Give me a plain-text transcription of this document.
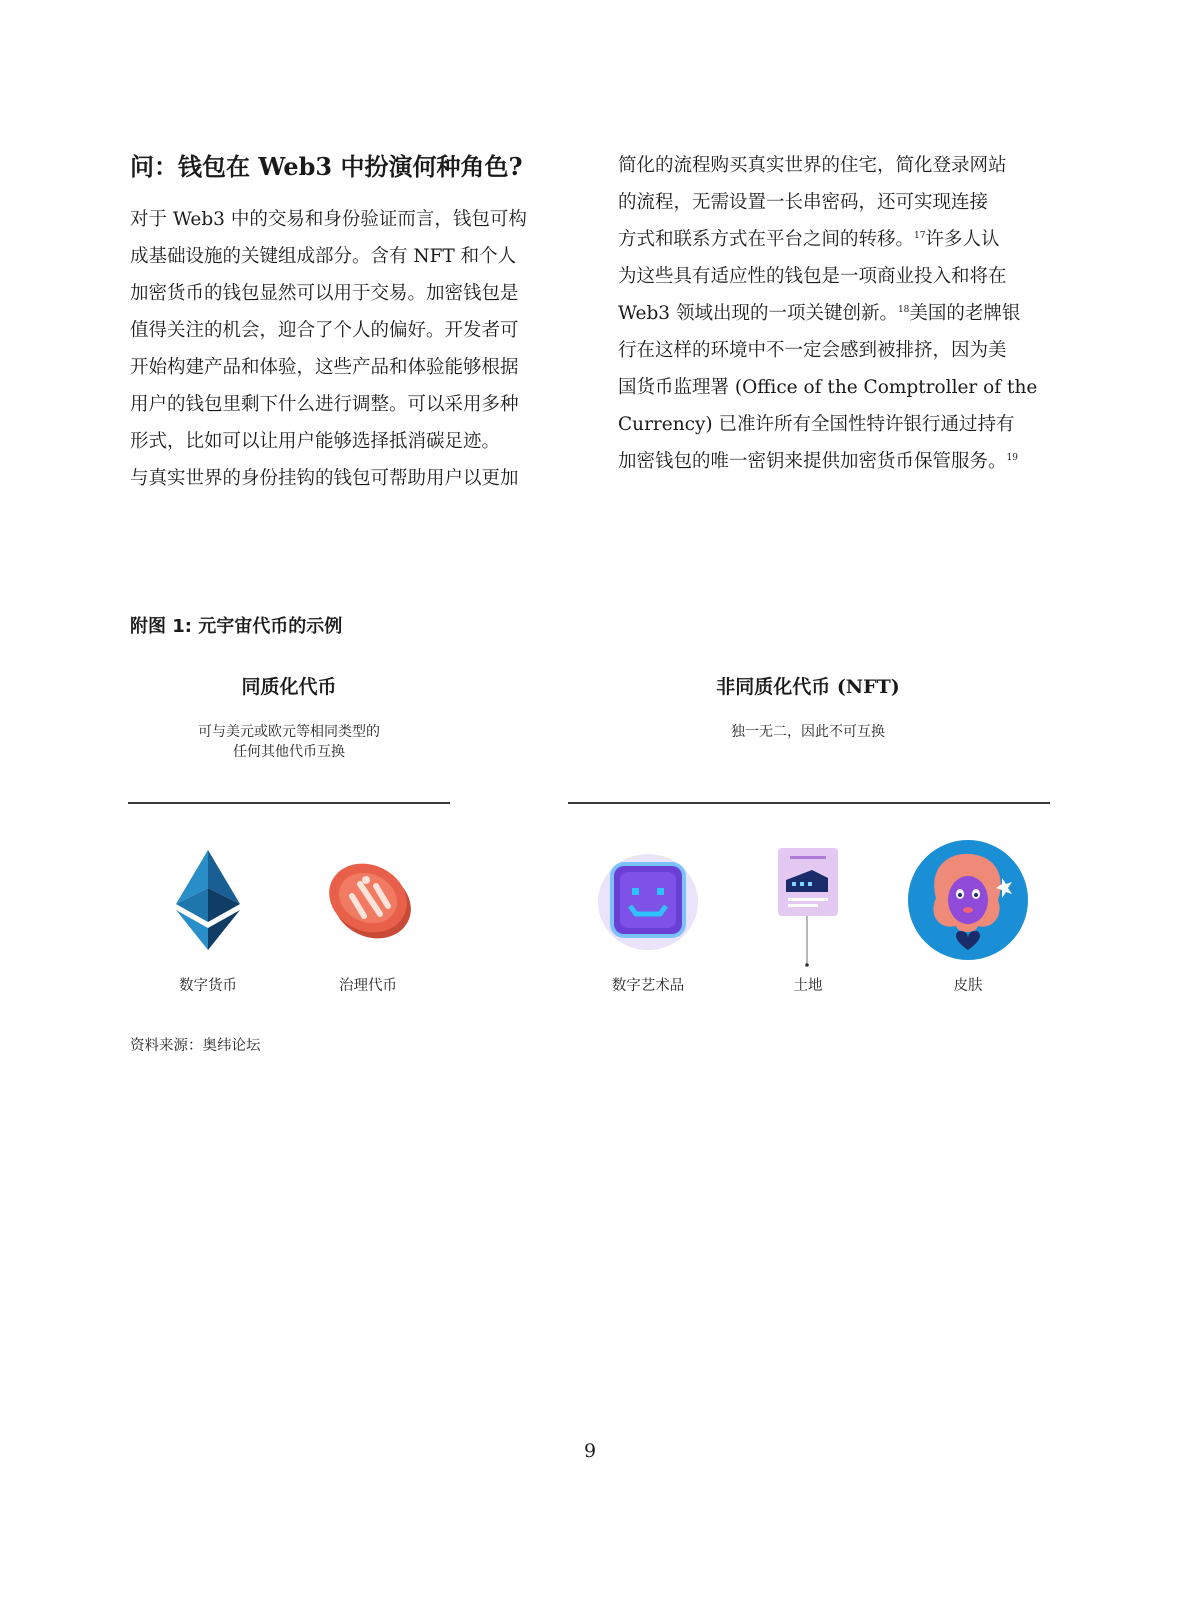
问：钱包在 Web3 中扮演何种角色?
对于 Web3 中的交易和身份验证而言，钱包可构
成基础设施的关键组成部分。含有 NFT 和个人
加密货币的钱包显然可以用于交易。加密钱包是
值得关注的机会，迎合了个人的偏好。开发者可
开始构建产品和体验，这些产品和体验能够根据
用户的钱包里剩下什么进行调整。可以采用多种
形式，比如可以让用户能够选择抵消碳足迹。
与真实世界的身份挂钩的钱包可帮助用户以更加
简化的流程购买真实世界的住宅，简化登录网站
的流程，无需设置一长串密码，还可实现连接
方式和联系方式在平台之间的转移。$^{17}$许多人认
为这些具有适应性的钱包是一项商业投入和将在
Web3 领域出现的一项关键创新。$^{18}$美国的老牌银
行在这样的环境中不一定会感到被排挤，因为美
国货币监理署 (Office of the Comptroller of the
Currency) 已准许所有全国性特许银行通过持有
加密钱包的唯一密钥来提供加密货币保管服务。$^{19}$
附图 1: 元宇宙代币的示例
同质化代币
可与美元或欧元等相同类型的
任何其他代币互换
非同质化代币 (NFT)
独一无二，因此不可互换
数字货币	治理代币	数字艺术品	土地	皮肤
资料来源：奥纬论坛
9
